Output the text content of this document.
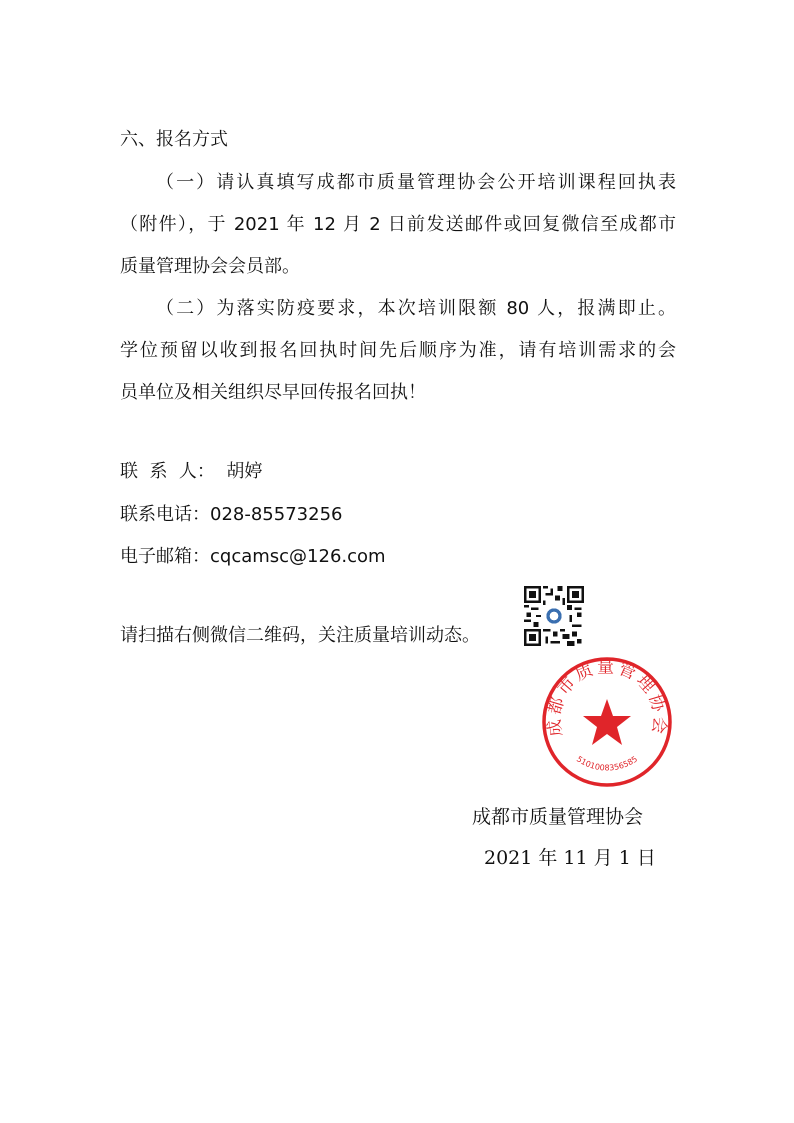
六、报名方式
（一）请认真填写成都市质量管理协会公开培训课程回执表
（附件），于 2021 年 12 月 2 日前发送邮件或回复微信至成都市
质量管理协会会员部。
（二）为落实防疫要求，本次培训限额 80 人，报满即止。
学位预留以收到报名回执时间先后顺序为准，请有培训需求的会
员单位及相关组织尽早回传报名回执！
联  系  人：  胡婷
联系电话：028-85573256
电子邮箱：cqcamsc@126.com
请扫描右侧微信二维码，关注质量培训动态。
成都市质量管理协会
5101008356585
成都市质量管理协会
2021 年 11 月 1 日
